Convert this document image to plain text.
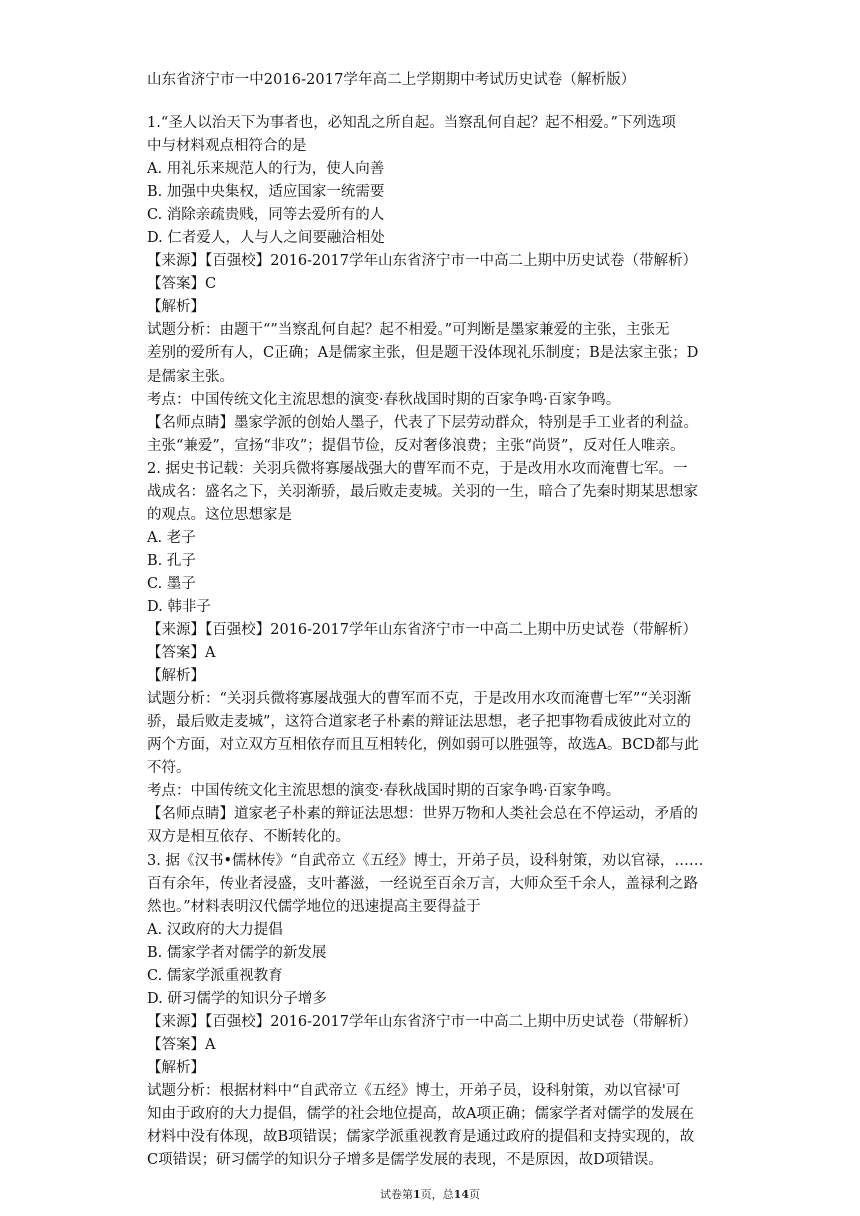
山东省济宁市一中2016-2017学年高二上学期期中考试历史试卷（解析版）

1.“圣人以治天下为事者也，必知乱之所自起。当察乱何自起？起不相爱。”下列选项

中与材料观点相符合的是

A. 用礼乐来规范人的行为，使人向善

B. 加强中央集权，适应国家一统需要

C. 消除亲疏贵贱，同等去爱所有的人

D. 仁者爱人，人与人之间要融洽相处

【来源】【百强校】2016-2017学年山东省济宁市一中高二上期中历史试卷（带解析）

【答案】C

【解析】

试题分析：由题干“”当察乱何自起？起不相爱。”可判断是墨家兼爱的主张，主张无

差别的爱所有人，C正确；A是儒家主张，但是题干没体现礼乐制度；B是法家主张；D

是儒家主张。

考点：中国传统文化主流思想的演变·春秋战国时期的百家争鸣·百家争鸣。

【名师点睛】墨家学派的创始人墨子，代表了下层劳动群众，特别是手工业者的利益。

主张“兼爱”，宣扬“非攻”；提倡节俭，反对奢侈浪费；主张“尚贤”，反对任人唯亲。

2. 据史书记载：关羽兵微将寡屡战强大的曹军而不克，于是改用水攻而淹曹七军。一

战成名：盛名之下，关羽渐骄，最后败走麦城。关羽的一生，暗合了先秦时期某思想家

的观点。这位思想家是

A. 老子

B. 孔子

C. 墨子

D. 韩非子

【来源】【百强校】2016-2017学年山东省济宁市一中高二上期中历史试卷（带解析）

【答案】A

【解析】

试题分析：“关羽兵微将寡屡战强大的曹军而不克，于是改用水攻而淹曹七军”“关羽渐

骄，最后败走麦城”，这符合道家老子朴素的辩证法思想，老子把事物看成彼此对立的

两个方面，对立双方互相依存而且互相转化，例如弱可以胜强等，故选A。BCD都与此

不符。

考点：中国传统文化主流思想的演变·春秋战国时期的百家争鸣·百家争鸣。

【名师点睛】道家老子朴素的辩证法思想：世界万物和人类社会总在不停运动，矛盾的

双方是相互依存、不断转化的。

3. 据《汉书•儒林传》“自武帝立《五经》博士，开弟子员，设科射策，劝以官禄，……

百有余年，传业者浸盛，支叶蕃滋，一经说至百余万言，大师众至千余人，盖禄利之路

然也。”材料表明汉代儒学地位的迅速提高主要得益于

A. 汉政府的大力提倡

B. 儒家学者对儒学的新发展

C. 儒家学派重视教育

D. 研习儒学的知识分子增多

【来源】【百强校】2016-2017学年山东省济宁市一中高二上期中历史试卷（带解析）

【答案】A

【解析】

试题分析：根据材料中“自武帝立《五经》博士，开弟子员，设科射策，劝以官禄'可

知由于政府的大力提倡，儒学的社会地位提高，故A项正确；儒家学者对儒学的发展在

材料中没有体现，故B项错误；儒家学派重视教育是通过政府的提倡和支持实现的，故

C项错误；研习儒学的知识分子增多是儒学发展的表现，不是原因，故D项错误。

试卷第1页，总14页
